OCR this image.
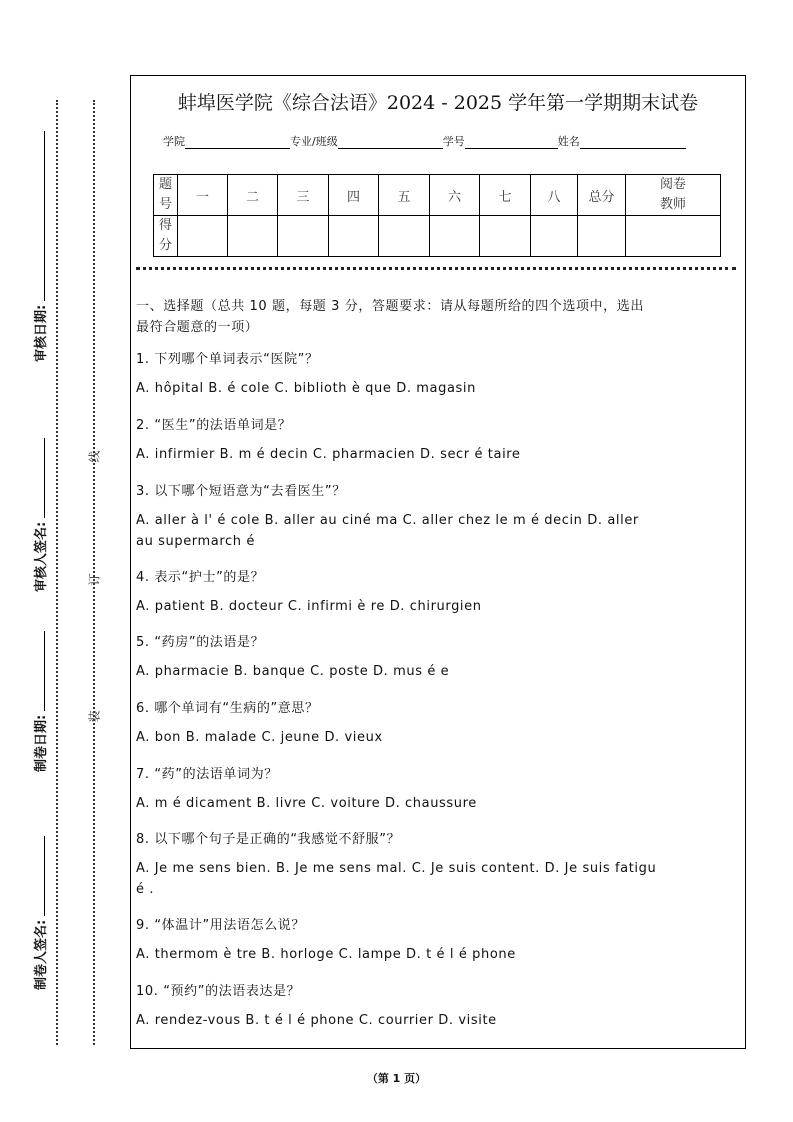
制卷人签名:
制卷日期:
审核人签名:
审核日期:
装
订
线
蚌埠医学院《综合法语》2024 - 2025 学年第一学期期末试卷
学院	专业/班级	学号	姓名
题号	一	二	三	四	五	六	七	八	总分	阅卷教师
得分										
一、选择题（总共 10 题，每题 3 分，答题要求：请从每题所给的四个选项中，选出
最符合题意的一项）
1. 下列哪个单词表示“医院”？
A. hôpital B. é cole C. biblioth è que D. magasin
2. “医生”的法语单词是？
A. infirmier B. m é decin C. pharmacien D. secr é taire
3. 以下哪个短语意为“去看医生”？
A. aller à l' é cole B. aller au ciné ma C. aller chez le m é decin D. aller
au supermarch é
4. 表示“护士”的是？
A. patient B. docteur C. infirmi è re D. chirurgien
5. “药房”的法语是？
A. pharmacie B. banque C. poste D. mus é e
6. 哪个单词有“生病的”意思？
A. bon B. malade C. jeune D. vieux
7. “药”的法语单词为？
A. m é dicament B. livre C. voiture D. chaussure
8. 以下哪个句子是正确的“我感觉不舒服”？
A. Je me sens bien. B. Je me sens mal. C. Je suis content. D. Je suis fatigu
é .
9. “体温计”用法语怎么说？
A. thermom è tre B. horloge C. lampe D. t é l é phone
10. “预约”的法语表达是？
A. rendez-vous B. t é l é phone C. courrier D. visite
（第 1 页）
